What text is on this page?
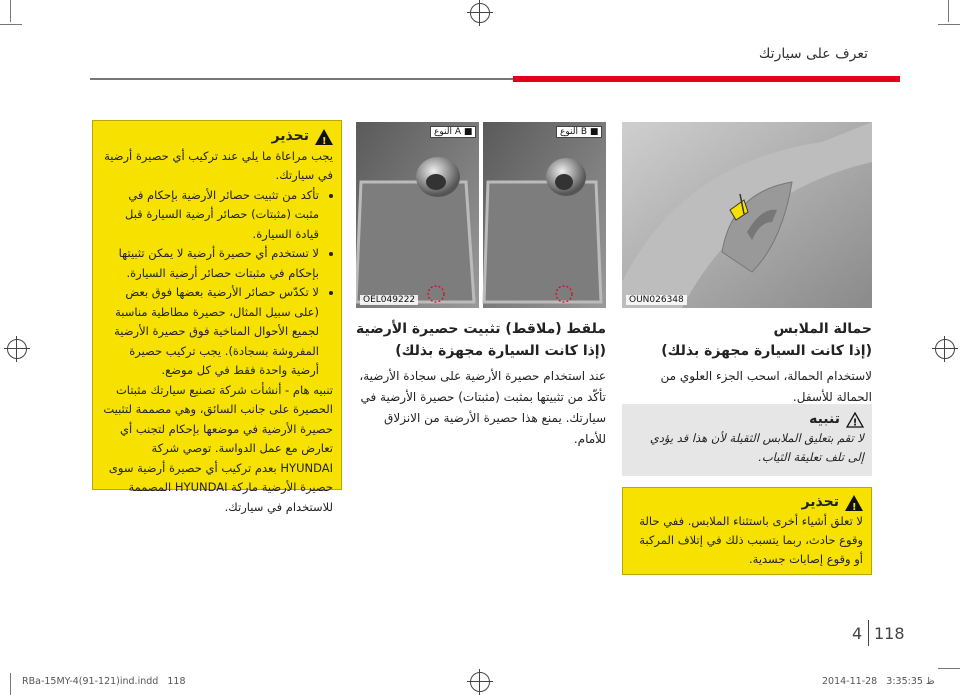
تعرف على سيارتك
!
تحذير

يجب مراعاة ما يلي عند تركيب أي حصيرة أرضية في سيارتك.

• تأكد من تثبيت حصائر الأرضية بإحكام في مثبت (مثبتات) حصائر أرضية السيارة قبل قيادة السيارة.
• لا تستخدم أي حصيرة أرضية لا يمكن تثبيتها بإحكام في مثبتات حصائر أرضية السيارة.
• لا تكدّس حصائر الأرضية بعضها فوق بعض (على سبيل المثال، حصيرة مطاطية مناسبة لجميع الأحوال المناخية فوق حصيرة الأرضية المفروشة بسجادة). يجب تركيب حصيرة أرضية واحدة فقط في كل موضع.

تنبيه هام - أنشأت شركة تصنيع سيارتك مثبتات الحصيرة على جانب السائق، وهي مصممة لتثبيت حصيرة الأرضية في موضعها بإحكام لتجنب أي تعارض مع عمل الدواسة. توصي شركة HYUNDAI بعدم تركيب أي حصيرة أرضية سوى حصيرة الأرضية ماركة HYUNDAI المصممة للاستخدام في سيارتك.

النوع A ■	النوع B ■
OEL049222
ملقط (ملاقط) تثبيت حصيرة الأرضية
(إذا كانت السيارة مجهزة بذلك)
عند استخدام حصيرة الأرضية على سجادة الأرضية، تأكّد من تثبيتها بمثبت (مثبتات) حصيرة الأرضية في سيارتك. يمنع هذا حصيرة الأرضية من الانزلاق للأمام.
OUN026348
حمالة الملابس
(إذا كانت السيارة مجهزة بذلك)
لاستخدام الحمالة، اسحب الجزء العلوي من الحمالة للأسفل.
!
تنبيه

لا تقم بتعليق الملابس الثقيلة لأن هذا قد يؤدي إلى تلف تعليقة الثياب.

!
تحذير

لا تعلق أشياء أخرى باستثناء الملابس. ففي حالة وقوع حادث، ربما يتسبب ذلك في إتلاف المركبة أو وقوع إصابات جسدية.

4 118
RBa-15MY-4(91-121)ind.indd   118	2014-11-28   ﻅ 3:35:35
